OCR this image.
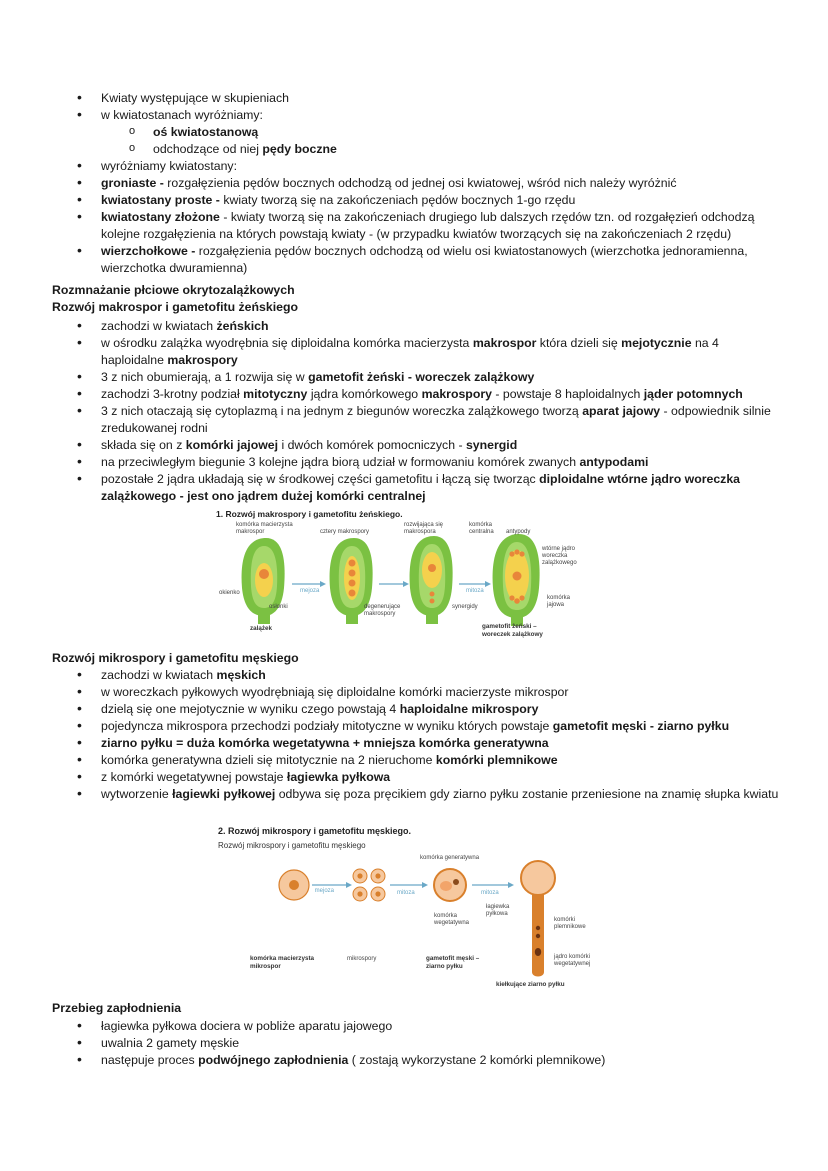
• Kwiaty występujące w skupieniach
• w kwiatostanach wyróżniamy:
o oś kwiatostanową
o odchodzące od niej pędy boczne
• wyróżniamy kwiatostany:
• groniaste - rozgałęzienia pędów bocznych odchodzą od jednej osi kwiatowej, wśród nich należy wyróżnić
• kwiatostany proste - kwiaty tworzą się na zakończeniach pędów bocznych 1-go rzędu
• kwiatostany złożone - kwiaty tworzą się na zakończeniach drugiego lub dalszych rzędów tzn. od rozgałęzień odchodzą kolejne rozgałęzienia na których powstają kwiaty - (w przypadku kwiatów tworzących się na zakończeniach 2 rzędu)
• wierzchołkowe - rozgałęzienia pędów bocznych odchodzą od wielu osi kwiatostanowych (wierzchotka jednoramienna, wierzchotka dwuramienna)
Rozmnażanie płciowe okrytozalążkowych
Rozwój makrospor i gametofitu żeńskiego
• zachodzi w kwiatach żeńskich
• w ośrodku zalążka wyodrębnia się diploidalna komórka macierzysta makrospor która dzieli się mejotycznie na 4 haploidalne makrospory
• 3 z nich obumierają, a 1 rozwija się w gametofit żeński - woreczek zalążkowy
• zachodzi 3-krotny podział mitotyczny jądra komórkowego makrospory - powstaje 8 haploidalnych jąder potomnych
• 3 z nich otaczają się cytoplazmą i na jednym z biegunów woreczka zalążkowego tworzą aparat jajowy - odpowiednik silnie zredukowanej rodni
• składa się on z komórki jajowej i dwóch komórek pomocniczych - synergid
• na przeciwległym biegunie 3 kolejne jądra biorą udział w formowaniu komórek zwanych antypodami
• pozostałe 2 jądra układają się w środkowej części gametofitu i łączą się tworząc diploidalne wtórne jądro woreczka zalążkowego - jest ono jądrem dużej komórki centralnej
1. Rozwój makrospory i gametofitu żeńskiego.
komórka macierzysta
makrospor	cztery makrospory
rozwijająca się
makrospora
komórka
centralna antypody
wtórne jądro
woreczka
zalążkowego
okienko	mejoza	mitoza
osłonki	degenerujące
makrospory
synergidy
komórka
jajowa
zalążek	gametofit żeński –
woreczek zalążkowy
Rozwój mikrospory i gametofitu męskiego
• zachodzi w kwiatach męskich
• w woreczkach pyłkowych wyodrębniają się diploidalne komórki macierzyste mikrospor
• dzielą się one mejotycznie w wyniku czego powstają 4 haploidalne mikrospory
• pojedyncza mikrospora przechodzi podziały mitotyczne w wyniku których powstaje gametofit męski - ziarno pyłku
• ziarno pyłku = duża komórka wegetatywna + mniejsza komórka generatywna
• komórka generatywna dzieli się mitotycznie na 2 nieruchome komórki plemnikowe
• z komórki wegetatywnej powstaje łagiewka pyłkowa
• wytworzenie łagiewki pyłkowej odbywa się poza pręcikiem gdy ziarno pyłku zostanie przeniesione na znamię słupka kwiatu
2. Rozwój mikrospory i gametofitu męskiego.
Rozwój mikrospory i gametofitu męskiego
mejoza
komórka generatywna
mitoza	mitoza
łagiewka
pyłkowa
komórka
wegetatywna	komórki
plemnikowe
jądro komórki
wegetatywnej
mikrospory
komórka macierzysta
mikrospor
gametofit męski –
ziarno pyłku
kiełkujące ziarno pyłku
Przebieg zapłodnienia
• łagiewka pyłkowa dociera w pobliże aparatu jajowego
• uwalnia 2 gamety męskie
• następuje proces podwójnego zapłodnienia ( zostają wykorzystane 2 komórki plemnikowe)
